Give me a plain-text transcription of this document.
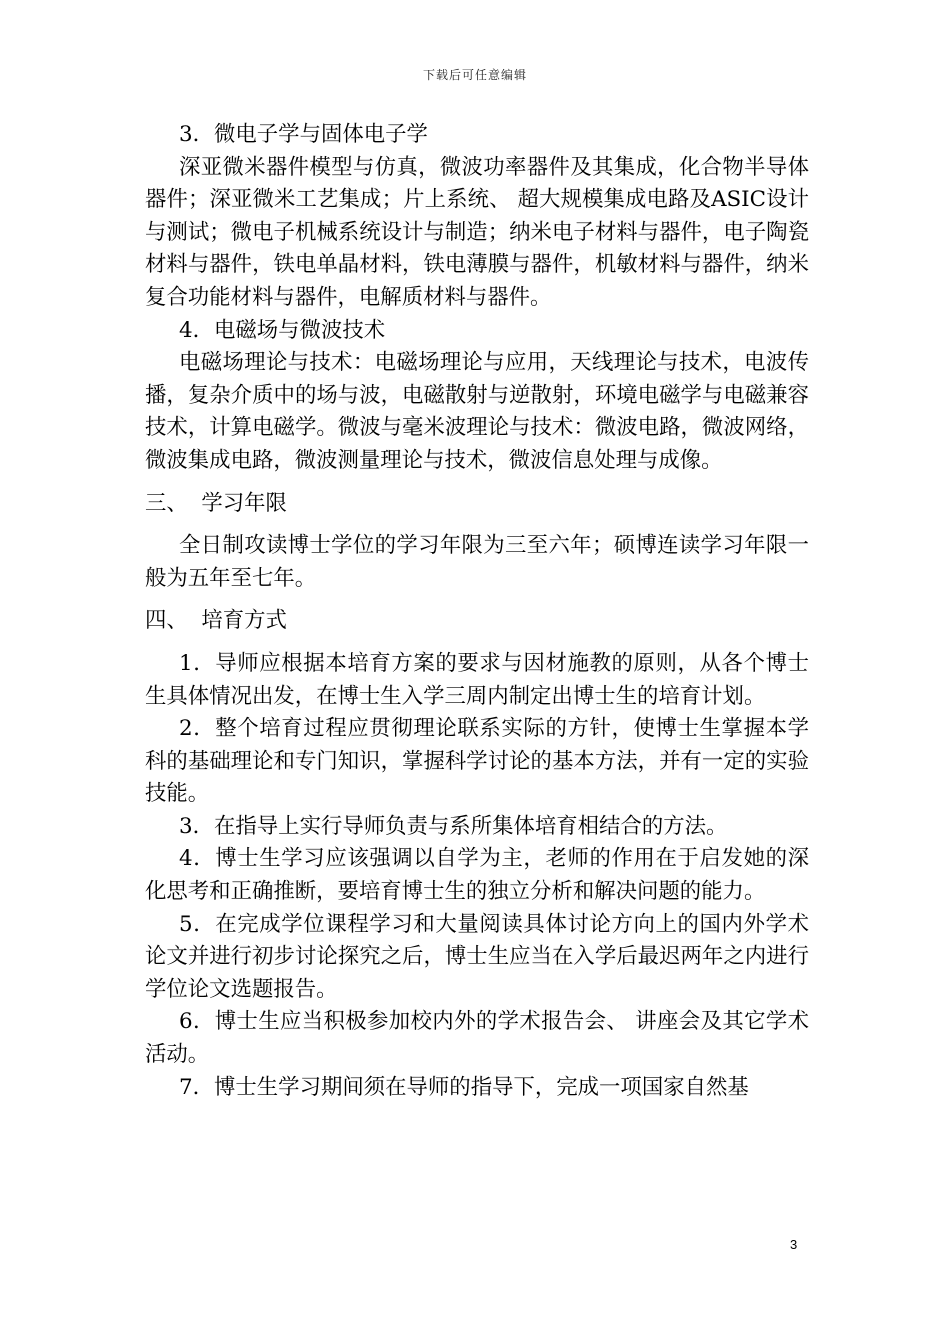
下载后可任意编辑
3．微电子学与固体电子学
深亚微米器件模型与仿真，微波功率器件及其集成，化合物半导体器件；深亚微米工艺集成；片上系统、 超大规模集成电路及ASIC设计与测试；微电子机械系统设计与制造；纳米电子材料与器件，电子陶瓷材料与器件，铁电单晶材料，铁电薄膜与器件，机敏材料与器件，纳米复合功能材料与器件，电解质材料与器件。
4．电磁场与微波技术
电磁场理论与技术：电磁场理论与应用，天线理论与技术，电波传播，复杂介质中的场与波，电磁散射与逆散射，环境电磁学与电磁兼容技术，计算电磁学。微波与毫米波理论与技术：微波电路，微波网络，微波集成电路，微波测量理论与技术，微波信息处理与成像。
三、  学习年限
全日制攻读博士学位的学习年限为三至六年；硕博连读学习年限一般为五年至七年。
四、  培育方式
1．导师应根据本培育方案的要求与因材施教的原则，从各个博士生具体情况出发，在博士生入学三周内制定出博士生的培育计划。
2．整个培育过程应贯彻理论联系实际的方针，使博士生掌握本学科的基础理论和专门知识，掌握科学讨论的基本方法，并有一定的实验技能。
3．在指导上实行导师负责与系所集体培育相结合的方法。
4．博士生学习应该强调以自学为主，老师的作用在于启发她的深化思考和正确推断，要培育博士生的独立分析和解决问题的能力。
5．在完成学位课程学习和大量阅读具体讨论方向上的国内外学术论文并进行初步讨论探究之后，博士生应当在入学后最迟两年之内进行学位论文选题报告。
6．博士生应当积极参加校内外的学术报告会、 讲座会及其它学术活动。
7．博士生学习期间须在导师的指导下，完成一项国家自然基
3
